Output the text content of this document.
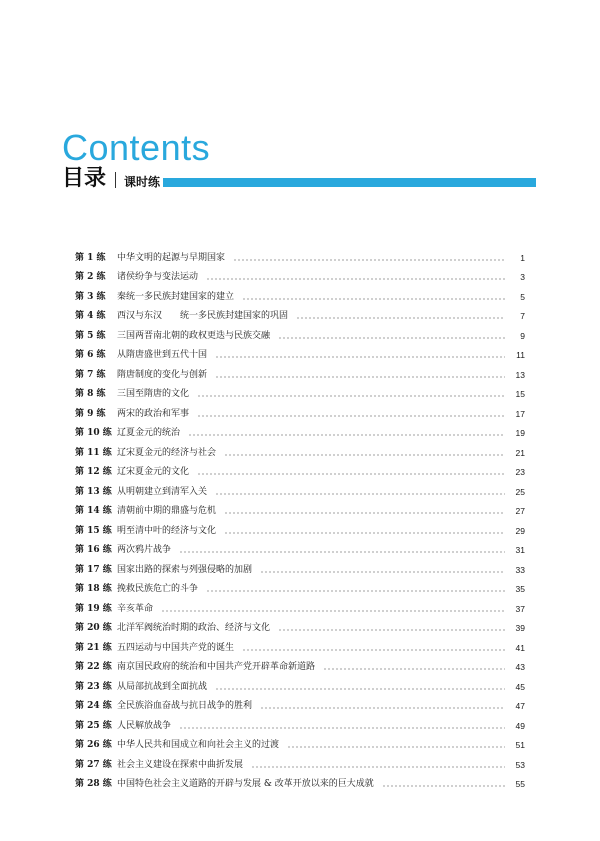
Contents
目录 课时练
第 1 练	中华文明的起源与早期国家	1
第 2 练	诸侯纷争与变法运动	3
第 3 练	秦统一多民族封建国家的建立	5
第 4 练	西汉与东汉　　统一多民族封建国家的巩固	7
第 5 练	三国两晋南北朝的政权更迭与民族交融	9
第 6 练	从隋唐盛世到五代十国	11
第 7 练	隋唐制度的变化与创新	13
第 8 练	三国至隋唐的文化	15
第 9 练	两宋的政治和军事	17
第 10 练 辽夏金元的统治	19
第 11 练 辽宋夏金元的经济与社会	21
第 12 练 辽宋夏金元的文化	23
第 13 练 从明朝建立到清军入关	25
第 14 练 清朝前中期的鼎盛与危机	27
第 15 练 明至清中叶的经济与文化	29
第 16 练 两次鸦片战争	31
第 17 练 国家出路的探索与列强侵略的加剧	33
第 18 练 挽救民族危亡的斗争	35
第 19 练 辛亥革命	37
第 20 练 北洋军阀统治时期的政治、经济与文化	39
第 21 练 五四运动与中国共产党的诞生	41
第 22 练 南京国民政府的统治和中国共产党开辟革命新道路	43
第 23 练 从局部抗战到全面抗战	45
第 24 练 全民族浴血奋战与抗日战争的胜利	47
第 25 练 人民解放战争	49
第 26 练 中华人民共和国成立和向社会主义的过渡	51
第 27 练 社会主义建设在探索中曲折发展	53
第 28 练 中国特色社会主义道路的开辟与发展 & 改革开放以来的巨大成就	55
